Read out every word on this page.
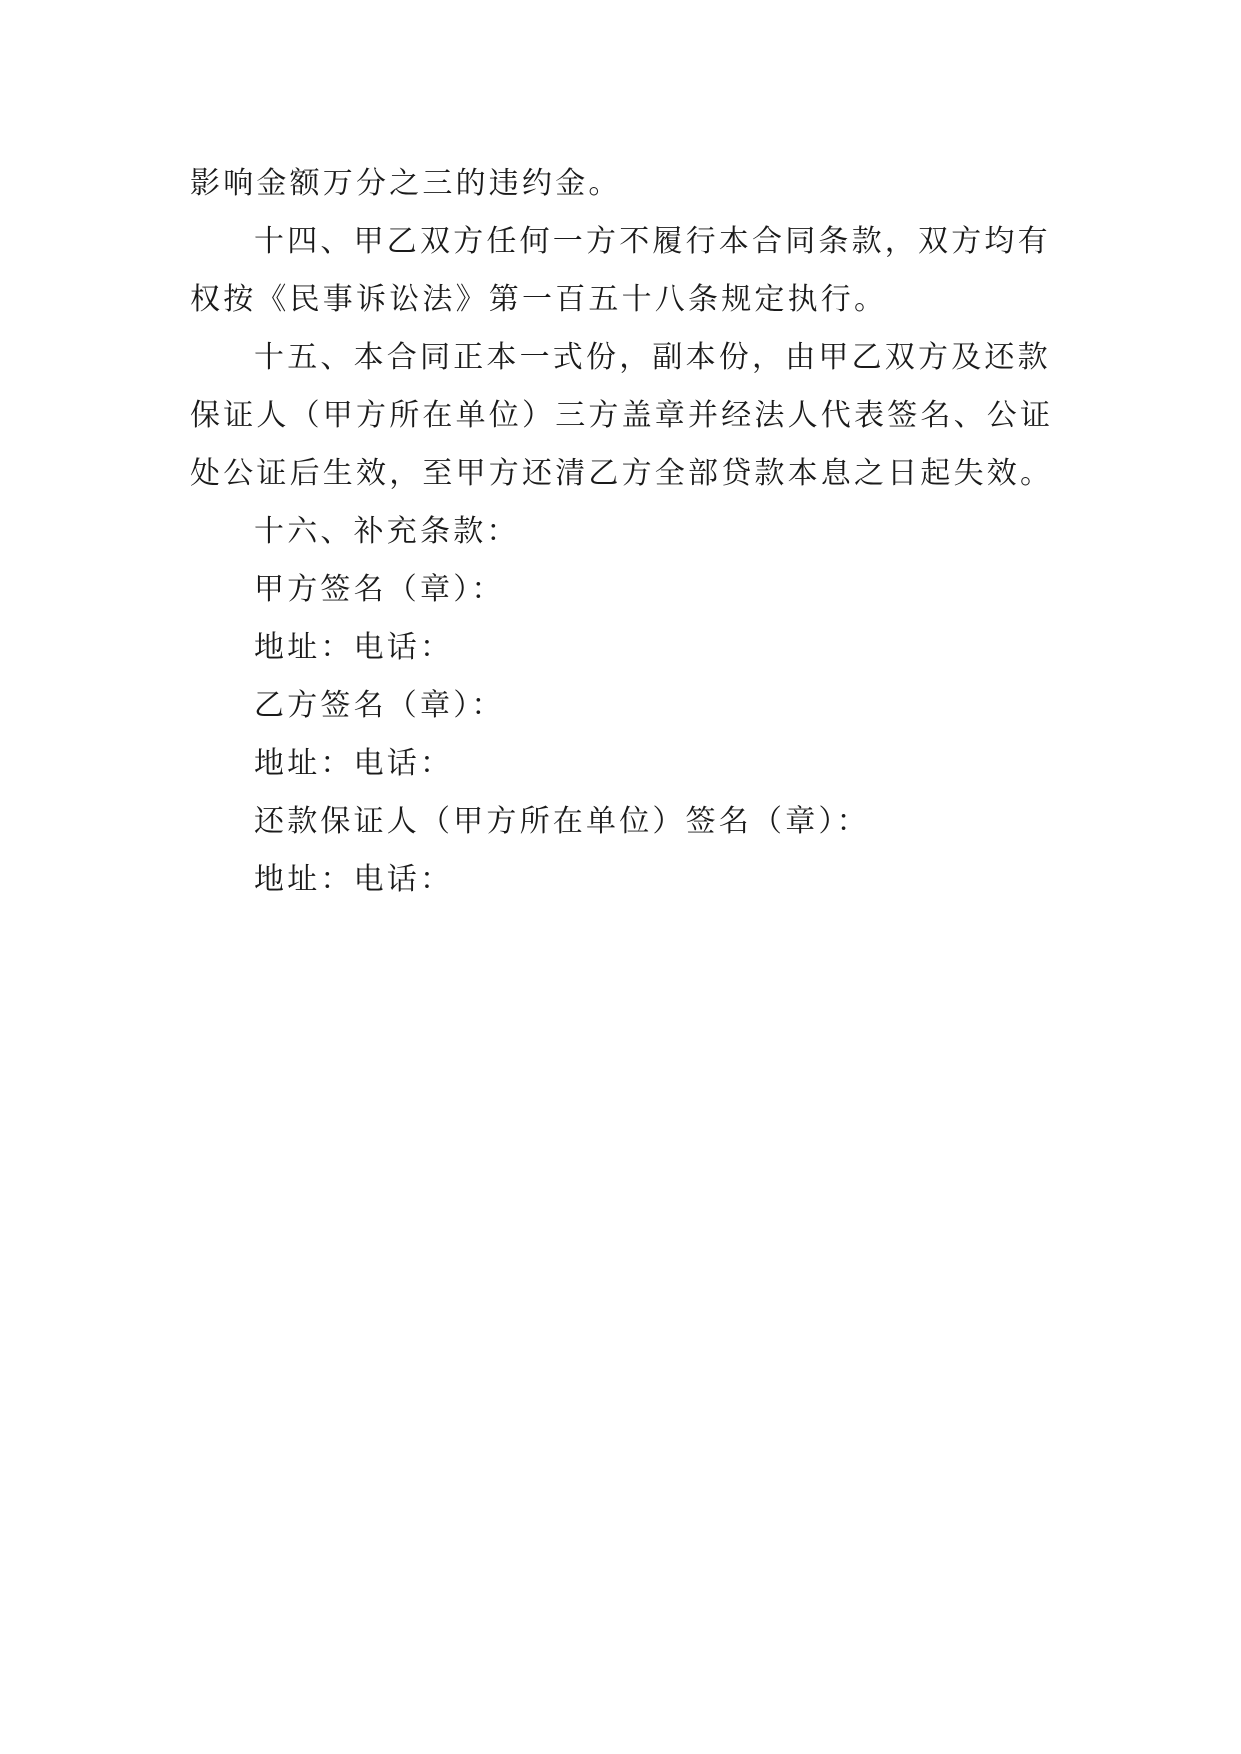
影响金额万分之三的违约金。
十四、甲乙双方任何一方不履行本合同条款，双方均有
权按《民事诉讼法》第一百五十八条规定执行。
十五、本合同正本一式份，副本份，由甲乙双方及还款
保证人（甲方所在单位）三方盖章并经法人代表签名、公证
处公证后生效，至甲方还清乙方全部贷款本息之日起失效。
十六、补充条款：
甲方签名（章）：
地址：电话：
乙方签名（章）：
地址：电话：
还款保证人（甲方所在单位）签名（章）：
地址：电话：
